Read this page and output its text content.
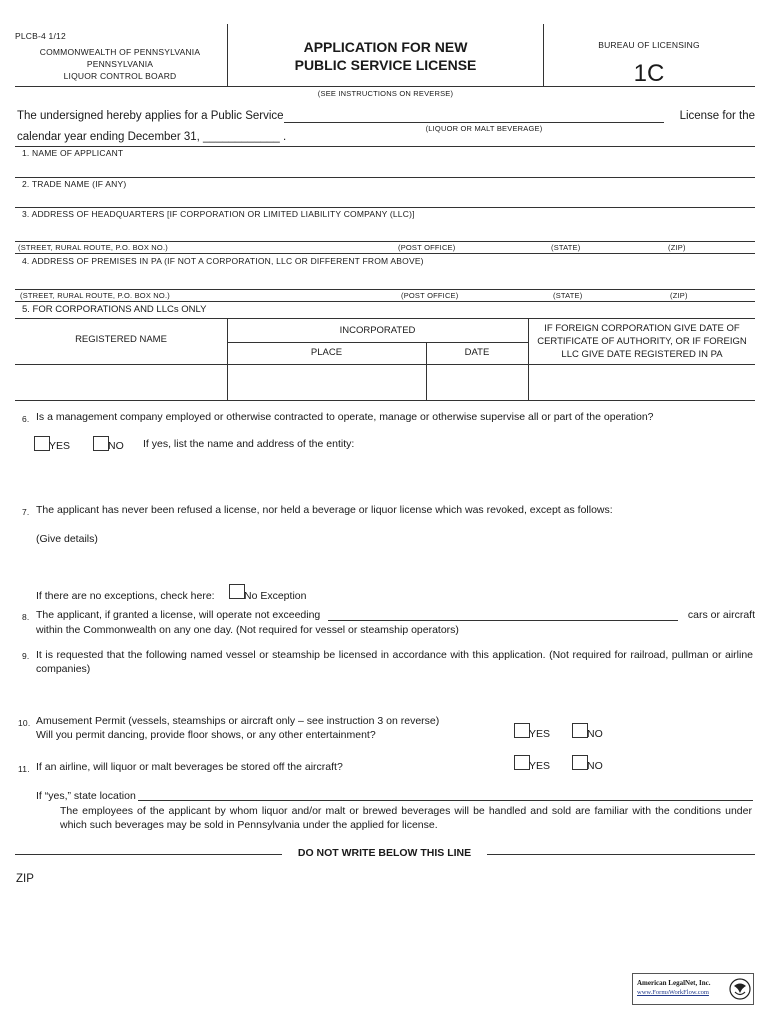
PLCB-4 1/12
COMMONWEALTH OF PENNSYLVANIA
PENNSYLVANIA
LIQUOR CONTROL BOARD
APPLICATION FOR NEW
PUBLIC SERVICE LICENSE
BUREAU OF LICENSING
1C
(SEE INSTRUCTIONS ON REVERSE)
The undersigned hereby applies for a Public Service	License for the
(LIQUOR OR MALT BEVERAGE)
calendar year ending December 31, ____________ .
1. NAME OF APPLICANT
2. TRADE NAME (IF ANY)
3. ADDRESS OF HEADQUARTERS [IF CORPORATION OR LIMITED LIABILITY COMPANY (LLC)]
(STREET, RURAL ROUTE, P.O. BOX NO.)	(POST OFFICE)	(STATE)	(ZIP)
4. ADDRESS OF PREMISES IN PA (IF NOT A CORPORATION, LLC OR DIFFERENT FROM ABOVE)
(STREET, RURAL ROUTE, P.O. BOX NO.)	(POST OFFICE)	(STATE)	(ZIP)
5. FOR CORPORATIONS AND LLCs ONLY
REGISTERED NAME
INCORPORATED
PLACE	DATE
IF FOREIGN CORPORATION GIVE DATE OF CERTIFICATE OF AUTHORITY, OR IF FOREIGN LLC GIVE DATE REGISTERED IN PA
6. Is a management company employed or otherwise contracted to operate, manage or otherwise supervise all or part of the operation?
YES	NO If yes, list the name and address of the entity:
7. The applicant has never been refused a license, nor held a beverage or liquor license which was revoked, except as follows:
(Give details)
If there are no exceptions, check here:	No Exception
8. The applicant, if granted a license, will operate not exceeding	cars or aircraft
within the Commonwealth on any one day. (Not required for vessel or steamship operators)
9. It is requested that the following named vessel or steamship be licensed in accordance with this application. (Not required for railroad, pullman or airline companies)
10. Amusement Permit (vessels, steamships or aircraft only – see instruction 3 on reverse)
Will you permit dancing, provide floor shows, or any other entertainment?	YES	NO
11. If an airline, will liquor or malt beverages be stored off the aircraft?	YES	NO
If “yes,” state location
The employees of the applicant by whom liquor and/or malt or brewed beverages will be handled and sold are familiar with the conditions under which such beverages may be sold in Pennsylvania under the applied for license.
DO NOT WRITE BELOW THIS LINE
ZIP
American LegalNet, Inc.
www.FormsWorkFlow.com
